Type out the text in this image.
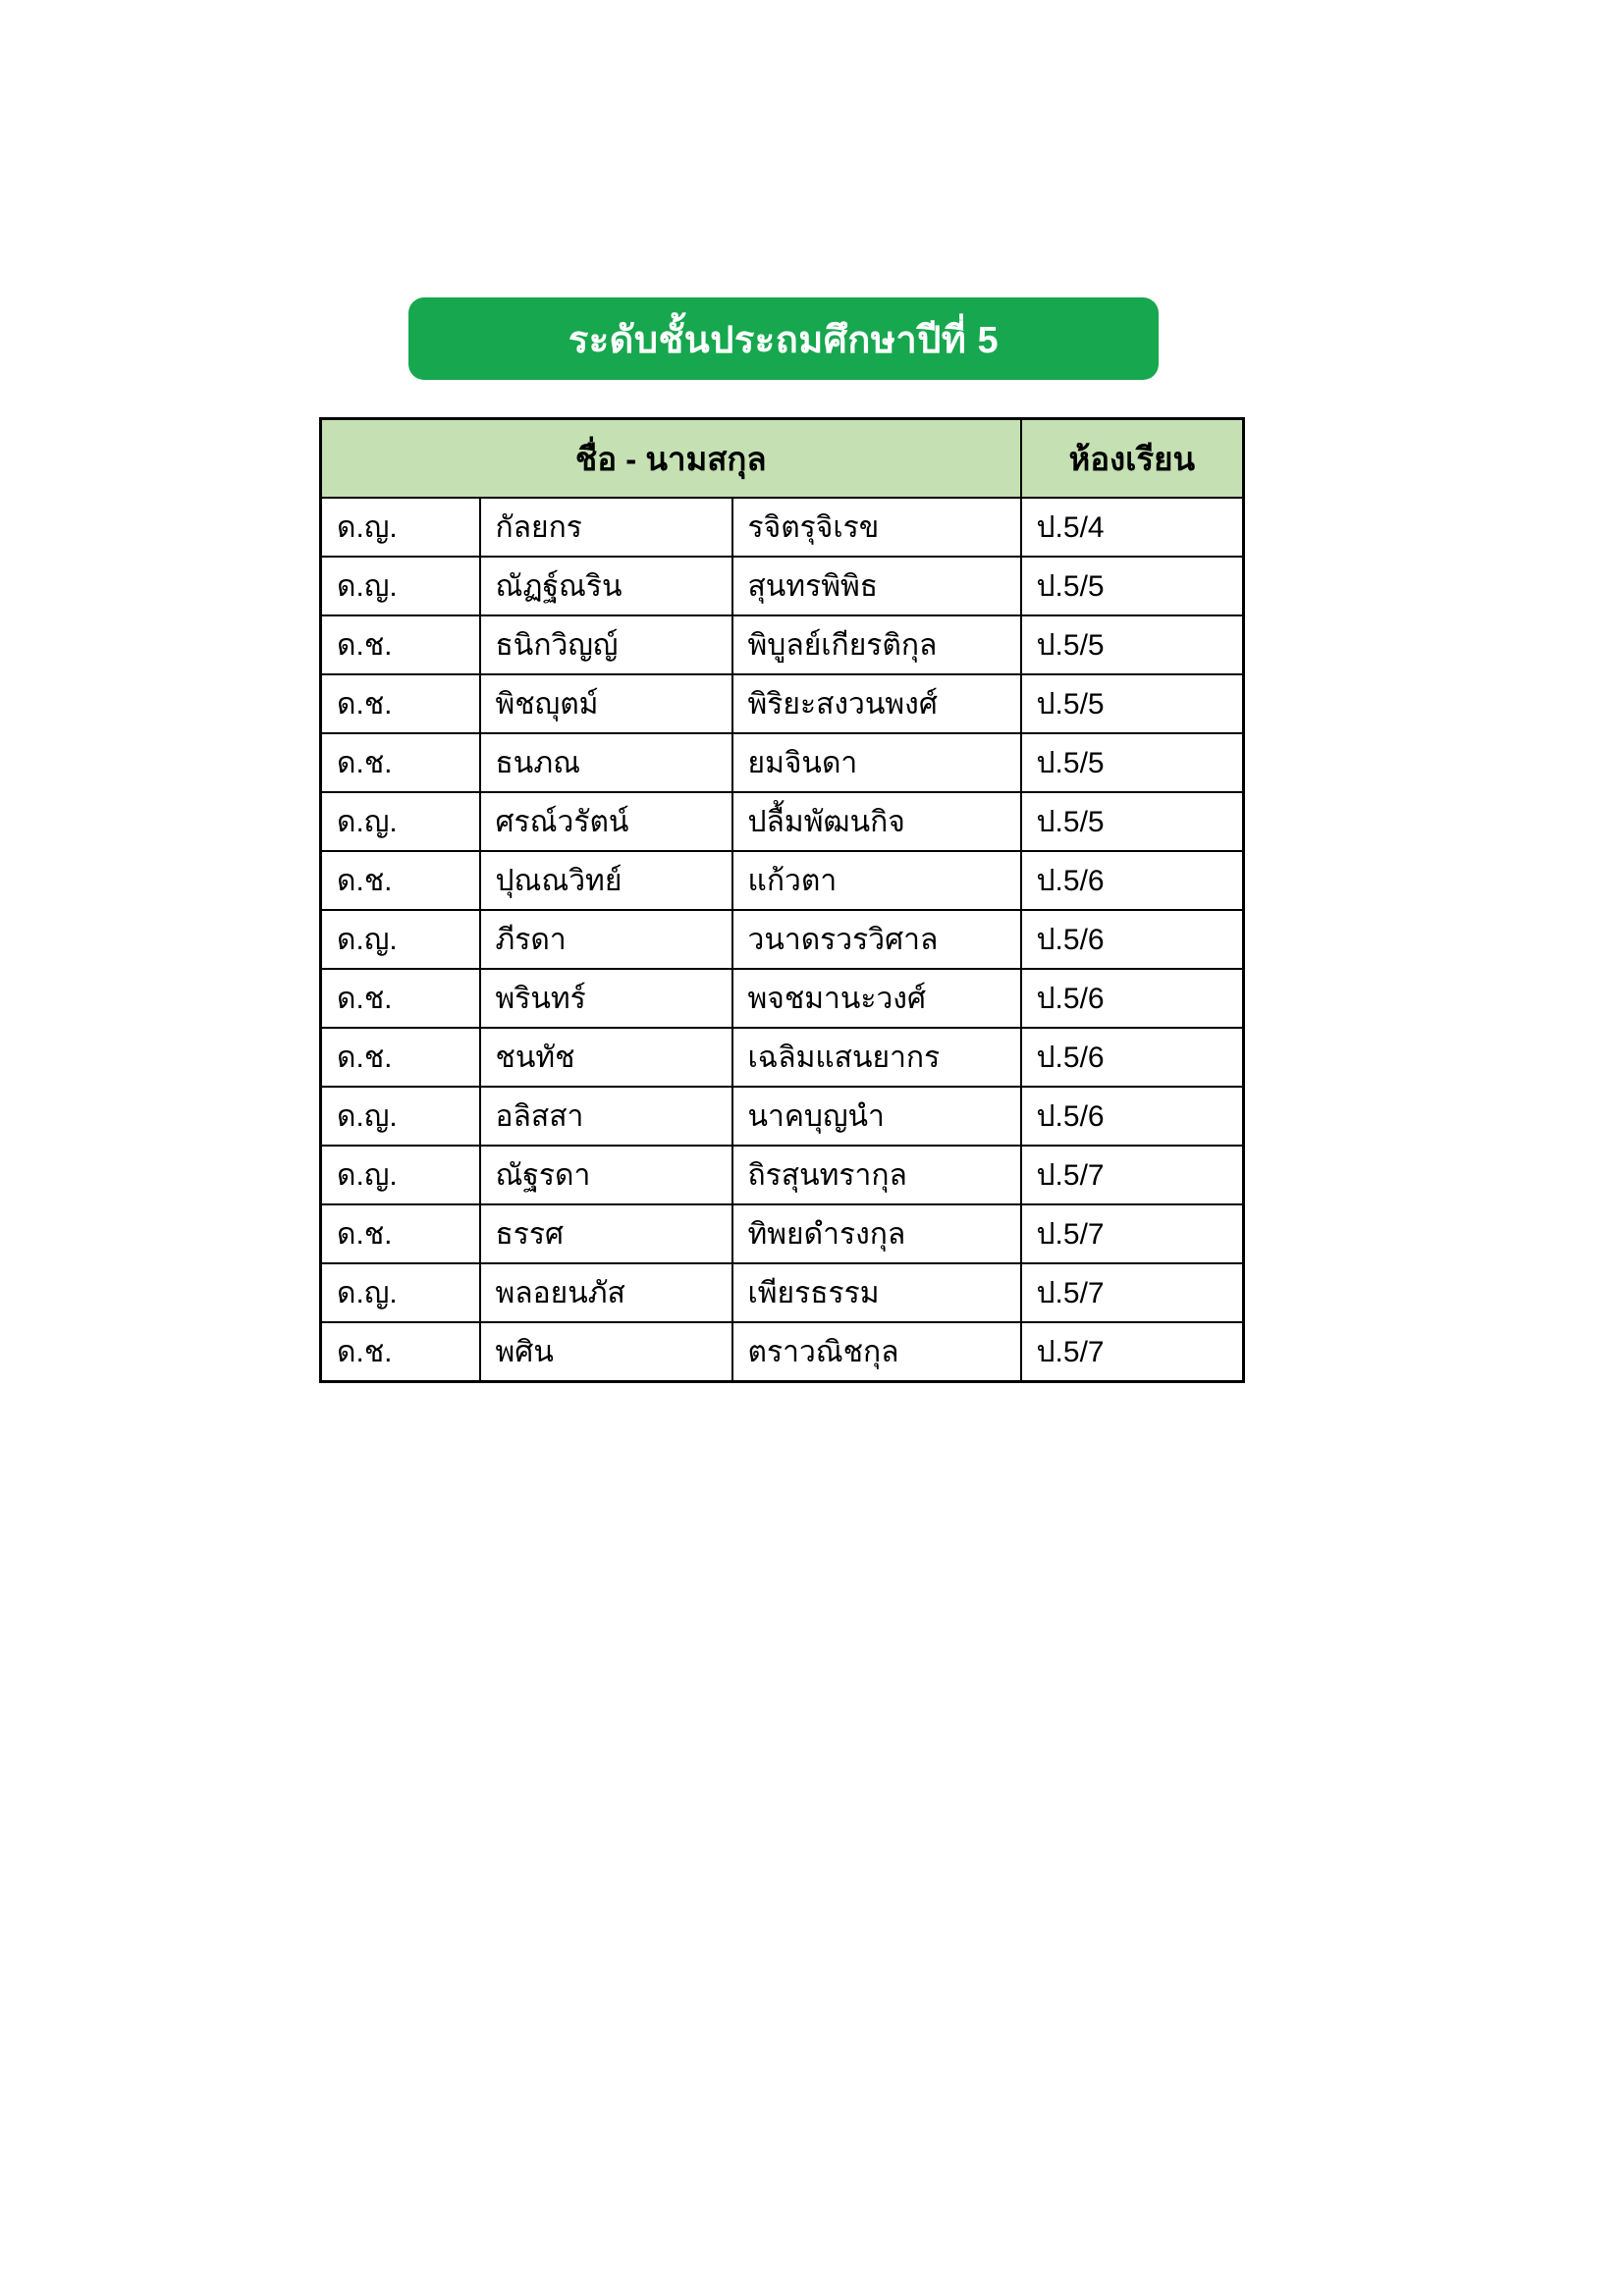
ระดับชั้นประถมศึกษาปีที่ 5
ชื่อ - นามสกุล			ห้องเรียน
ด.ญ.	กัลยกร	รจิตรุจิเรข	ป.5/4
ด.ญ.	ณัฏฐ์ณริน	สุนทรพิพิธ	ป.5/5
ด.ช.	ธนิกวิญญ์	พิบูลย์เกียรติกุล	ป.5/5
ด.ช.	พิชญุตม์	พิริยะสงวนพงศ์	ป.5/5
ด.ช.	ธนภณ	ยมจินดา	ป.5/5
ด.ญ.	ศรณ์วรัตน์	ปลื้มพัฒนกิจ	ป.5/5
ด.ช.	ปุณณวิทย์	แก้วตา	ป.5/6
ด.ญ.	ภีรดา	วนาดรวรวิศาล	ป.5/6
ด.ช.	พรินทร์	พจชมานะวงศ์	ป.5/6
ด.ช.	ชนทัช	เฉลิมแสนยากร	ป.5/6
ด.ญ.	อลิสสา	นาคบุญนำ	ป.5/6
ด.ญ.	ณัฐรดา	ถิรสุนทรากุล	ป.5/7
ด.ช.	ธรรศ	ทิพยดำรงกุล	ป.5/7
ด.ญ.	พลอยนภัส	เพียรธรรม	ป.5/7
ด.ช.	พศิน	ตราวณิชกุล	ป.5/7
